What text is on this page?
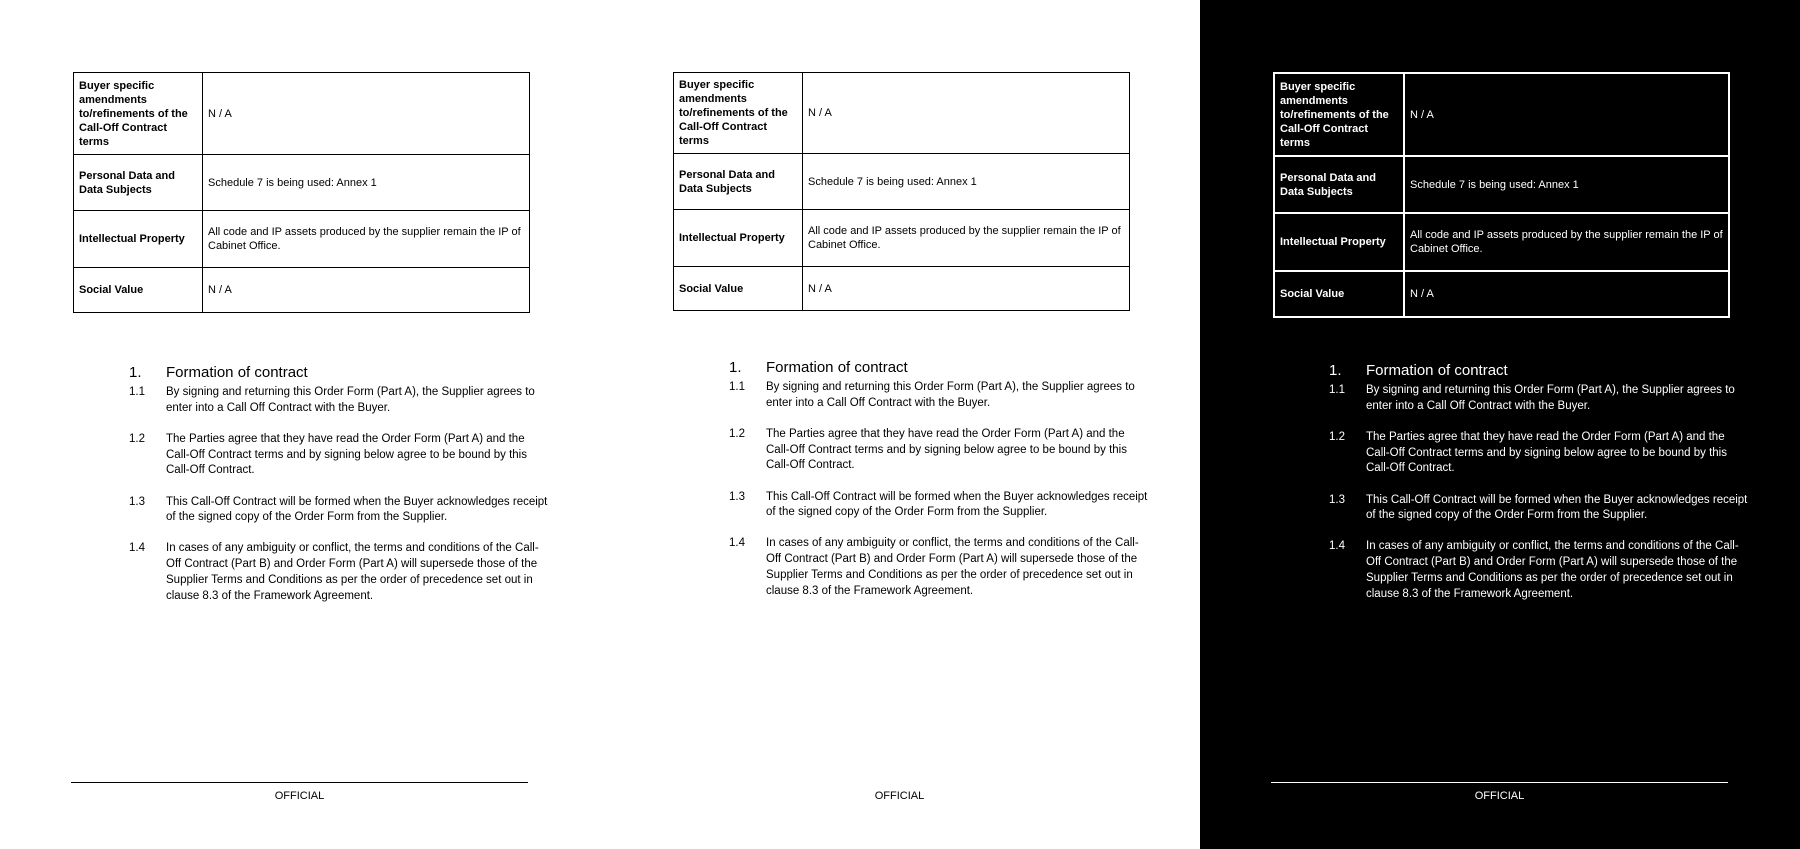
Buyer specific amendments to/refinements of the Call-Off Contract terms	N / A
Personal Data and Data Subjects	Schedule 7 is being used: Annex 1
Intellectual Property	All code and IP assets produced by the supplier remain the IP of Cabinet Office.
Social Value	N / A
1. Formation of contract
1.1 By signing and returning this Order Form (Part A), the Supplier agrees to enter into a Call Off Contract with the Buyer.
1.2 The Parties agree that they have read the Order Form (Part A) and the Call-Off Contract terms and by signing below agree to be bound by this Call-Off Contract.
1.3 This Call-Off Contract will be formed when the Buyer acknowledges receipt of the signed copy of the Order Form from the Supplier.
1.4 In cases of any ambiguity or conflict, the terms and conditions of the Call-Off Contract (Part B) and Order Form (Part A) will supersede those of the Supplier Terms and Conditions as per the order of precedence set out in clause 8.3 of the Framework Agreement.
OFFICIAL
Buyer specific amendments to/refinements of the Call-Off Contract terms	N / A
Personal Data and Data Subjects	Schedule 7 is being used: Annex 1
Intellectual Property	All code and IP assets produced by the supplier remain the IP of Cabinet Office.
Social Value	N / A
1. Formation of contract
1.1 By signing and returning this Order Form (Part A), the Supplier agrees to enter into a Call Off Contract with the Buyer.
1.2 The Parties agree that they have read the Order Form (Part A) and the Call-Off Contract terms and by signing below agree to be bound by this Call-Off Contract.
1.3 This Call-Off Contract will be formed when the Buyer acknowledges receipt of the signed copy of the Order Form from the Supplier.
1.4 In cases of any ambiguity or conflict, the terms and conditions of the Call-Off Contract (Part B) and Order Form (Part A) will supersede those of the Supplier Terms and Conditions as per the order of precedence set out in clause 8.3 of the Framework Agreement.
OFFICIAL
Buyer specific amendments to/refinements of the Call-Off Contract terms	N / A
Personal Data and Data Subjects	Schedule 7 is being used: Annex 1
Intellectual Property	All code and IP assets produced by the supplier remain the IP of Cabinet Office.
Social Value	N / A
1. Formation of contract
1.1 By signing and returning this Order Form (Part A), the Supplier agrees to enter into a Call Off Contract with the Buyer.
1.2 The Parties agree that they have read the Order Form (Part A) and the Call-Off Contract terms and by signing below agree to be bound by this Call-Off Contract.
1.3 This Call-Off Contract will be formed when the Buyer acknowledges receipt of the signed copy of the Order Form from the Supplier.
1.4 In cases of any ambiguity or conflict, the terms and conditions of the Call-Off Contract (Part B) and Order Form (Part A) will supersede those of the Supplier Terms and Conditions as per the order of precedence set out in clause 8.3 of the Framework Agreement.
OFFICIAL
